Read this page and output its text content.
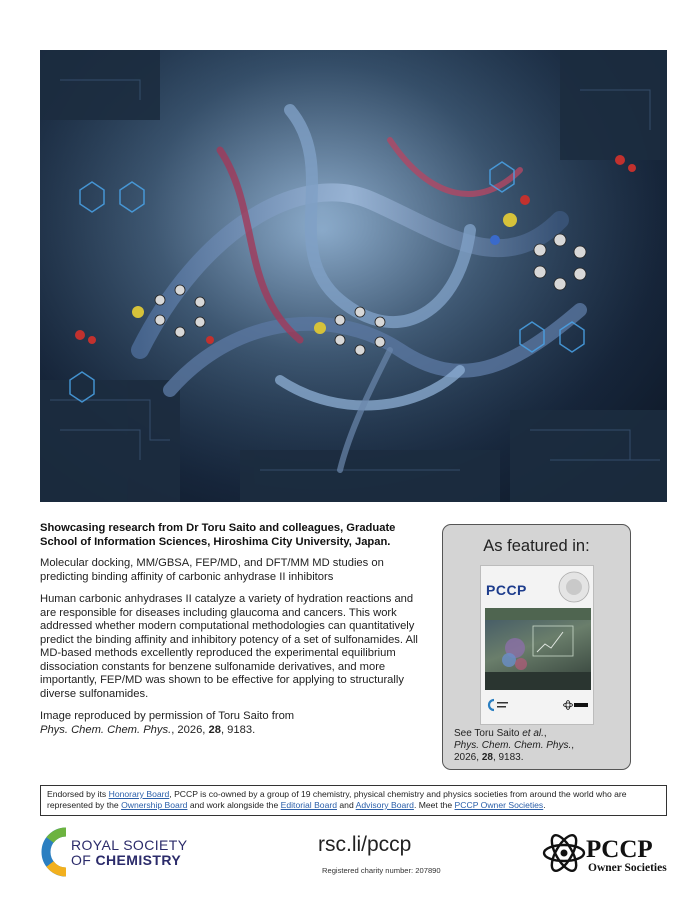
Showcasing research from Dr Toru Saito and colleagues, Graduate School of Information Sciences, Hiroshima City University, Japan.

Molecular docking, MM/GBSA, FEP/MD, and DFT/MM MD studies on predicting binding affinity of carbonic anhydrase II inhibitors

Human carbonic anhydrases II catalyze a variety of hydration reactions and are responsible for diseases including glaucoma and cancers. This work addressed whether modern computational methodologies can quantitatively predict the binding affinity and inhibitory potency of a set of sulfonamides. All MD-based methods excellently reproduced the experimental equilibrium dissociation constants for benzene sulfonamide derivatives, and more importantly, FEP/MD was shown to be effective for applying to structurally diverse sulfonamides.

Image reproduced by permission of Toru Saito from
Phys. Chem. Chem. Phys., 2026, 28, 9183.

As featured in:
PCCP
See Toru Saito et al.,
Phys. Chem. Chem. Phys.,
2026, 28, 9183.
Endorsed by its Honorary Board, PCCP is co-owned by a group of 19 chemistry, physical chemistry and physics societies from around the world who are represented by the Ownership Board and work alongside the Editorial Board and Advisory Board. Meet the PCCP Owner Societies.
ROYAL SOCIETY
OF CHEMISTRY
rsc.li/pccp
Registered charity number: 207890
PCCP
Owner Societies
